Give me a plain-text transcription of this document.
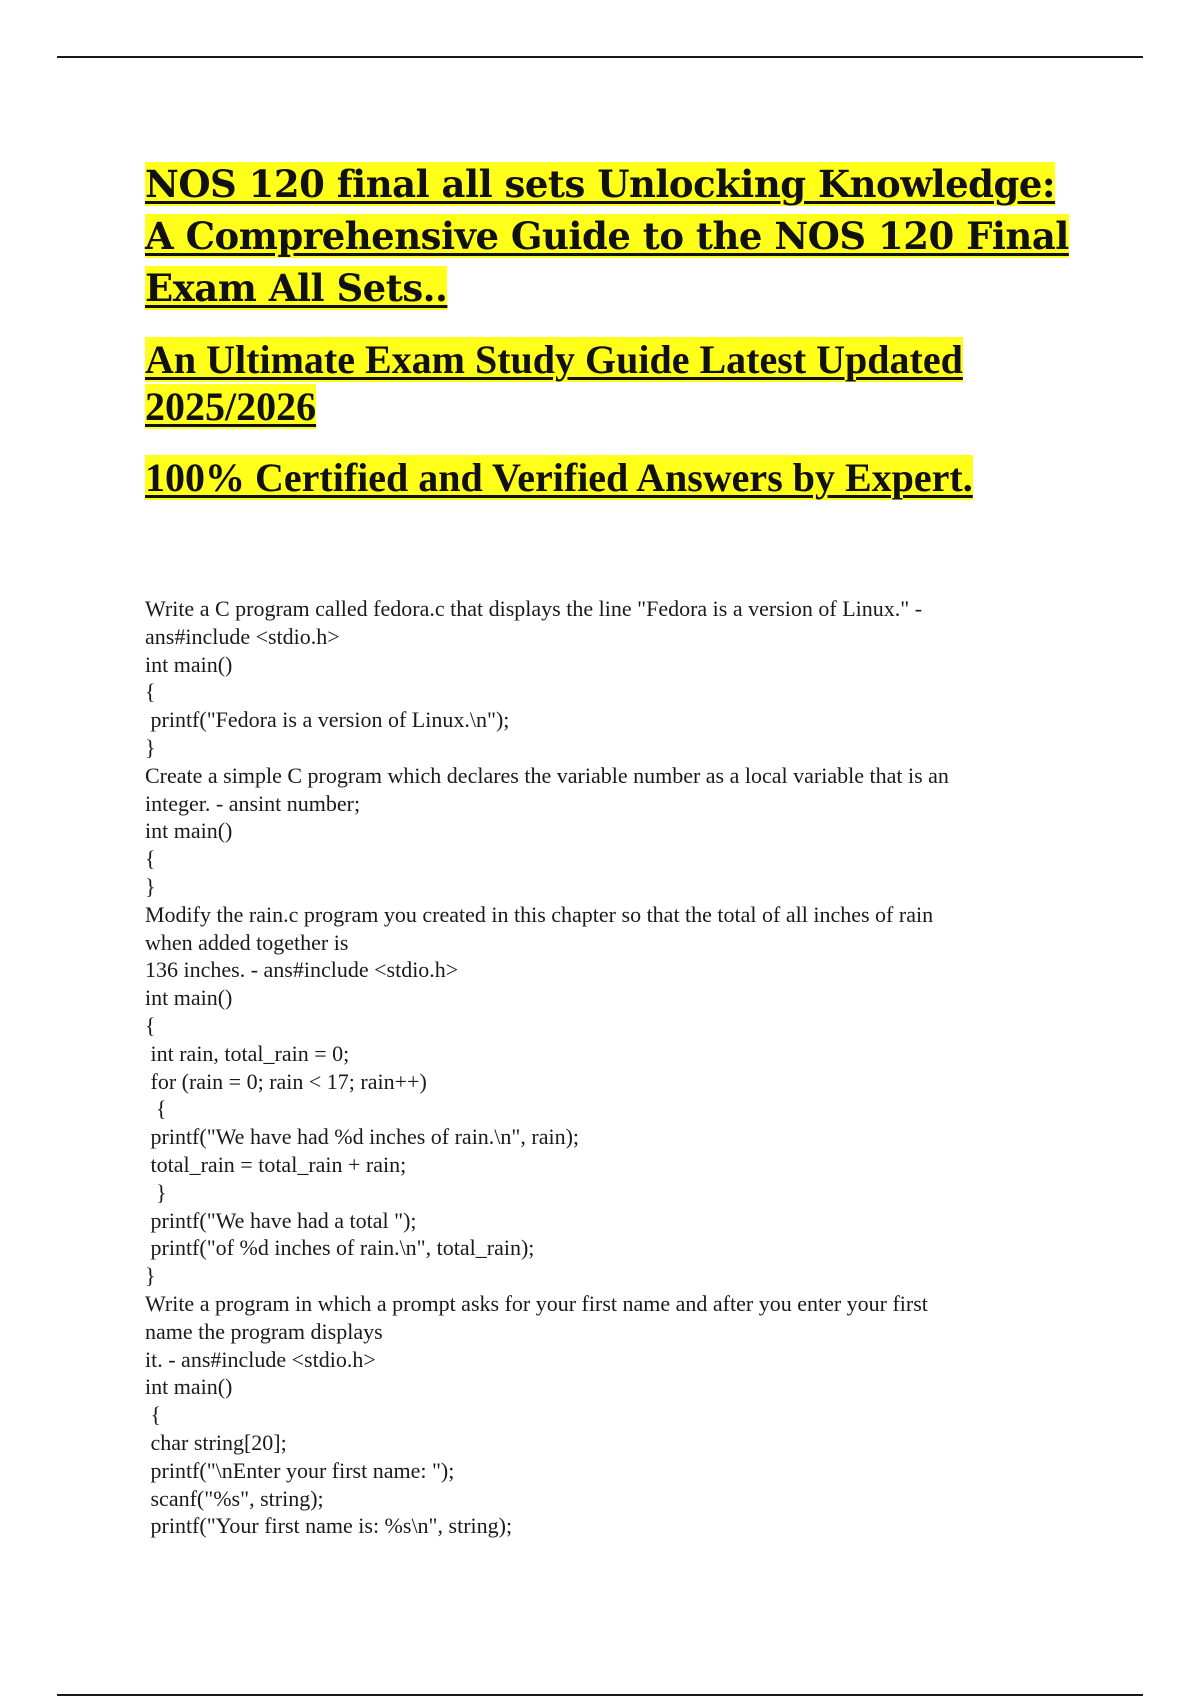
NOS 120 final all sets Unlocking Knowledge: A Comprehensive Guide to the NOS 120 Final Exam All Sets..
An Ultimate Exam Study Guide Latest Updated 2025/2026
100% Certified and Verified Answers by Expert.
Write a C program called fedora.c that displays the line "Fedora is a version of Linux." -
ans#include <stdio.h>
int main()
{
printf("Fedora is a version of Linux.\n");
}
Create a simple C program which declares the variable number as a local variable that is an
integer. - ansint number;
int main()
{
}
Modify the rain.c program you created in this chapter so that the total of all inches of rain
when added together is
136 inches. - ans#include <stdio.h>
int main()
{
int rain, total_rain = 0;
for (rain = 0; rain < 17; rain++)
{
printf("We have had %d inches of rain.\n", rain);
total_rain = total_rain + rain;
}
printf("We have had a total ");
printf("of %d inches of rain.\n", total_rain);
}
Write a program in which a prompt asks for your first name and after you enter your first
name the program displays
it. - ans#include <stdio.h>
int main()
{
char string[20];
printf("\nEnter your first name: ");
scanf("%s", string);
printf("Your first name is: %s\n", string);
